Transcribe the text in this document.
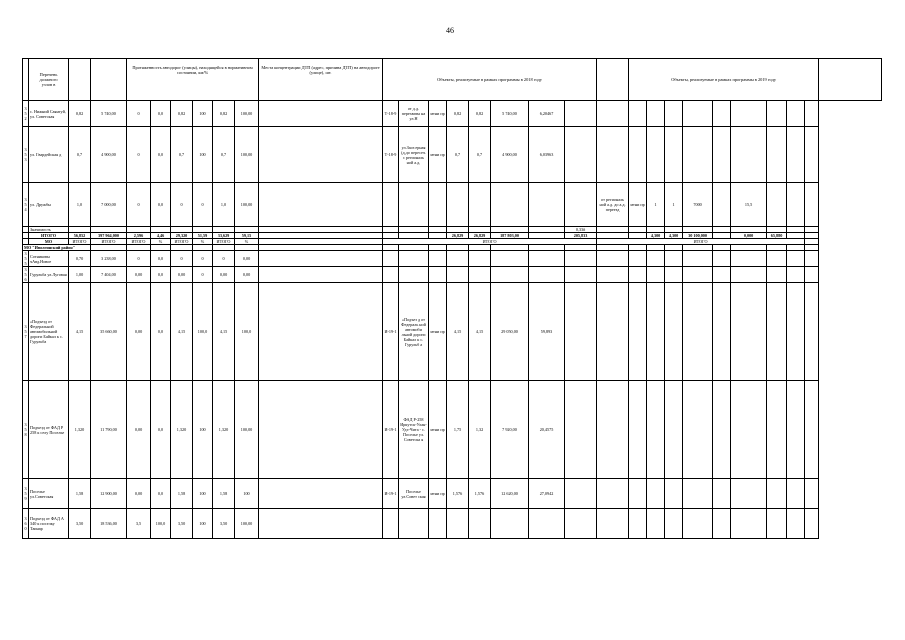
46
	Перечень
должного
узлов в			Протяженность автодорог (улицы), находящейся в нормативном состоянии, км/%						Места концентрации ДТП (адрес, причина ДТП) на автодороге (улице), шт.	Объекты, реализуемые в рамках программы в 2018 году									Объекты, реализуемые в рамках программы в 2019 году									
352	с. Нижний Саянтуй, ул. Советская	0,82	5 740,00	0	0,0	0,82	100	0,82	100,00		Т-18-9	от д.д. перехваты на ул.Н	мтни пр	0,82	0,82	5 740,00	6,20467												
353	ул. Гвардейская д	0,7	4 900,00	0	0,0	0,7	100	0,7	100,00		Т-18-9	ул.Заоз ерная (д.до пересеч. с региональ ной а.д.	мтни пр	0,7	0,7	4 900,00	6,03963												
354	ул. Дружбы	1,0	7 000,00	0	0,0	0	0	1,0	100,00										от региональ ной а.д. до а.д. переезд	мтни пр	1	1	7000		15,5				
	Значимость																	0,33#											
	ИТОГО	56,852	397 964,000	2,596	4,46	29,320	51,59	33,629	59,15					26,829	26,829	187 803,00		205,833			4,300	4,300	30 100,000		0,000	65,880			
	МО	ИТОГО	ИТОГО	ИТОГО	%	ИТОГО	%	ИТОГО	%		ИТОГО								ИТОГО										
МО "Иволгинский район"																													
355	Сотниковы чАвд.Новое	0,70	3 238,00	0	0,0	0	0	0	0,00																				
356	Гурульба ул.Луговая	1,00	7 404,00	0,00	0,0	0,00	0	0,00	0,00																				
357	«Подъезд от Федеральной автомобильной дороги Байкал к с. Гурульба	4,15	35 660,00	0,00	0,0	4,15	100,0	4,15	100,0		И-19-1	«Подъез д от Федераль ной автомоби льной дороги Байкал к с. Гурульб а	мтни пр	4,15	4,15	29 050,00	59,893												
358	Подъезд от ФАД Р 258 к селу Поселье	1,320	11 790,00	0,00	0,0	1,320	100	1,320	100,00		И-19-1	ФАД Р-258 Иркутск-Улан-Удэ-Чита - с. Поселье ул. Советска я	мтни пр	1,75	1,32	7 920,00	20,4575												
359	Поселье ул.Советская	1,58	12 900,00	0,00	0,0	1,58	100	1,58	100		И-19-1	Поселье ул.Совет ская	мтни пр	1,576	1,576	12 620,00	27,0942												
360	Подъезд от ФАД А 340 к поселку Таинар	3,50	18 536,00	3,5	100,0	3,50	100	3,50	100,00																				
